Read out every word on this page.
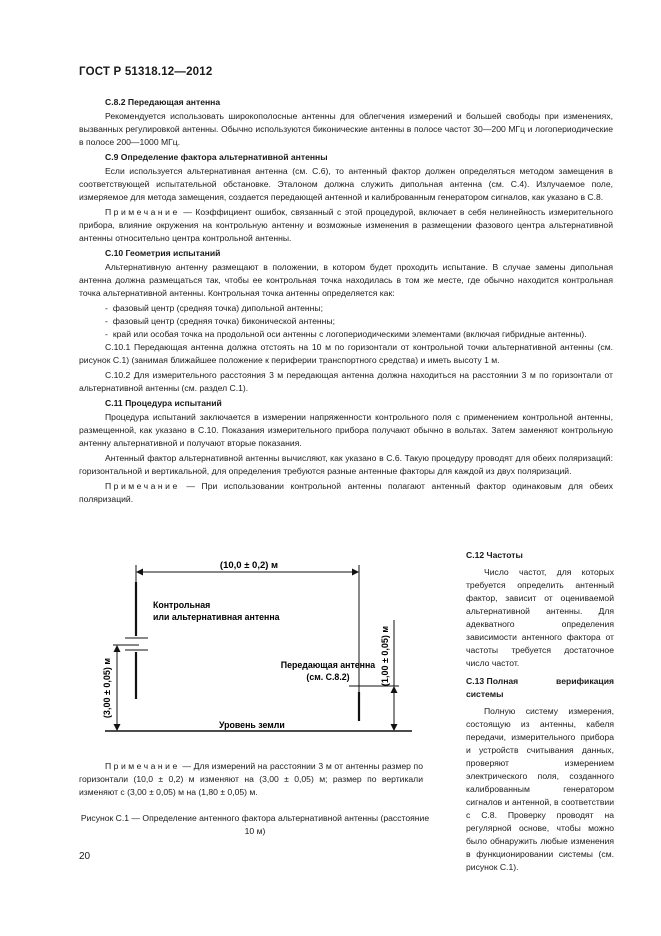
ГОСТ Р 51318.12—2012
С.8.2 Передающая антенна
Рекомендуется использовать широкополосные антенны для облегчения измерений и большей свободы при изменениях, вызванных регулировкой антенны. Обычно используются биконические антенны в полосе частот 30—200 МГц и логопериодические в полосе 200—1000 МГц.
С.9 Определение фактора альтернативной антенны
Если используется альтернативная антенна (см. С.6), то антенный фактор должен определяться методом замещения в соответствующей испытательной обстановке. Эталоном должна служить дипольная антенна (см. С.4). Излучаемое поле, измеряемое для метода замещения, создается передающей антенной и калиброванным генератором сигналов, как указано в С.8.
Примечание — Коэффициент ошибок, связанный с этой процедурой, включает в себя нелинейность измерительного прибора, влияние окружения на контрольную антенну и возможные изменения в размещении фазового центра альтернативной антенны относительно центра контрольной антенны.
С.10 Геометрия испытаний
Альтернативную антенну размещают в положении, в котором будет проходить испытание. В случае замены дипольная антенна должна размещаться так, чтобы ее контрольная точка находилась в том же месте, где обычно находится контрольная точка альтернативной антенны. Контрольная точка антенны определяется как:
- фазовый центр (средняя точка) дипольной антенны;
- фазовый центр (средняя точка) биконической антенны;
- край или особая точка на продольной оси антенны с логопериодическими элементами (включая гибридные антенны).
С.10.1 Передающая антенна должна отстоять на 10 м по горизонтали от контрольной точки альтернативной антенны (см. рисунок С.1) (занимая ближайшее положение к периферии транспортного средства) и иметь высоту 1 м.
С.10.2 Для измерительного расстояния 3 м передающая антенна должна находиться на расстоянии 3 м по горизонтали от альтернативной антенны (см. раздел С.1).
С.11 Процедура испытаний
Процедура испытаний заключается в измерении напряженности контрольного поля с применением контрольной антенны, размещенной, как указано в С.10. Показания измерительного прибора получают обычно в вольтах. Затем заменяют контрольную антенну альтернативной и получают вторые показания.
Антенный фактор альтернативной антенны вычисляют, как указано в С.6. Такую процедуру проводят для обеих поляризаций: горизонтальной и вертикальной, для определения требуются разные антенные факторы для каждой из двух поляризаций.
Примечание — При использовании контрольной антенны полагают антенный фактор одинаковым для обеих поляризаций.
(10,0 ± 0,2) м
Контрольная
или альтернативная антенна
(3,00 ± 0,05) м	Передающая антенна
(см. С.8.2)	(1,00 ± 0,05) м
Уровень земли
Примечание — Для измерений на расстоянии 3 м от антенны размер по горизонтали (10,0 ± 0,2) м изменяют на (3,00 ± 0,05) м; размер по вертикали изменяют с (3,00 ± 0,05) м на (1,80 ± 0,05) м.
Рисунок С.1 — Определение антенного фактора альтернативной антенны (расстояние 10 м)
С.12 Частоты
Число частот, для которых требуется определить антенный фактор, зависит от оцениваемой альтернативной антенны. Для адекватного определения зависимости антенного фактора от частоты требуется достаточное число частот.
С.13 Полная	верификация
системы
Полную систему измерения, состоящую из антенны, кабеля передачи, измерительного прибора и устройств считывания данных, проверяют измерением электрического поля, созданного калиброванным генератором сигналов и антенной, в соответствии с С.8. Проверку проводят на регулярной основе, чтобы можно было обнаружить любые изменения в функционировании системы (см. рисунок С.1).
20
